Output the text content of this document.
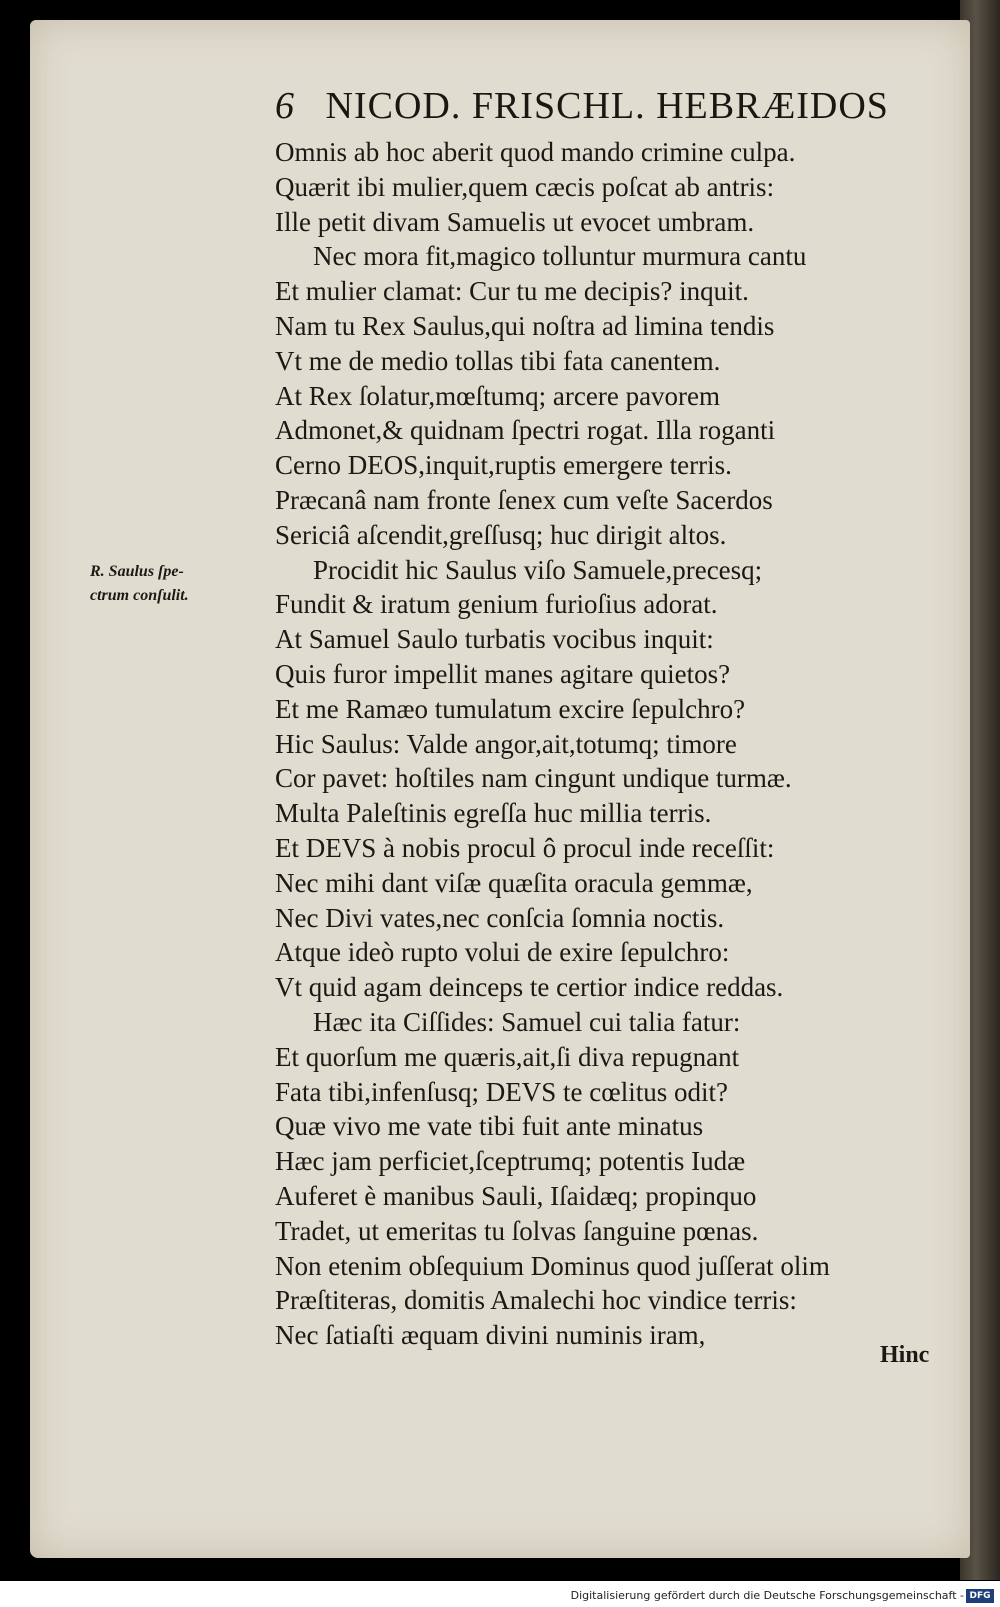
6 NICOD. FRISCHL. HEBRÆIDOS
R. Saulus ſpe-
ctrum conſulit.
Omnis ab hoc aberit quod mando crimine culpa.
Quærit ibi mulier,quem cæcis poſcat ab antris:
Ille petit divam Samuelis ut evocet umbram.
Nec mora fit,magico tolluntur murmura cantu
Et mulier clamat: Cur tu me decipis? inquit.
Nam tu Rex Saulus,qui noſtra ad limina tendis
Vt me de medio tollas tibi fata canentem.
At Rex ſolatur,mœſtumq; arcere pavorem
Admonet,& quidnam ſpectri rogat. Illa roganti
Cerno DEOS,inquit,ruptis emergere terris.
Præcanâ nam fronte ſenex cum veſte Sacerdos
Sericiâ aſcendit,greſſusq; huc dirigit altos.
Procidit hic Saulus viſo Samuele,precesq;
Fundit & iratum genium furioſius adorat.
At Samuel Saulo turbatis vocibus inquit:
Quis furor impellit manes agitare quietos?
Et me Ramæo tumulatum excire ſepulchro?
Hic Saulus: Valde angor,ait,totumq; timore
Cor pavet: hoſtiles nam cingunt undique turmæ.
Multa Paleſtinis egreſſa huc millia terris.
Et DEVS à nobis procul ô procul inde receſſit:
Nec mihi dant viſæ quæſita oracula gemmæ,
Nec Divi vates,nec conſcia ſomnia noctis.
Atque ideò rupto volui de exire ſepulchro:
Vt quid agam deinceps te certior indice reddas.
Hæc ita Ciſſides: Samuel cui talia fatur:
Et quorſum me quæris,ait,ſi diva repugnant
Fata tibi,infenſusq; DEVS te cœlitus odit?
Quæ vivo me vate tibi fuit ante minatus
Hæc jam perficiet,ſceptrumq; potentis Iudæ
Auferet è manibus Sauli, Iſaidæq; propinquo
Tradet, ut emeritas tu ſolvas ſanguine pœnas.
Non etenim obſequium Dominus quod juſſerat olim
Præſtiteras, domitis Amalechi hoc vindice terris:
Nec ſatiaſti æquam divini numinis iram,
Hinc
Digitalisierung gefördert durch die Deutsche Forschungsgemeinschaft - DFG
